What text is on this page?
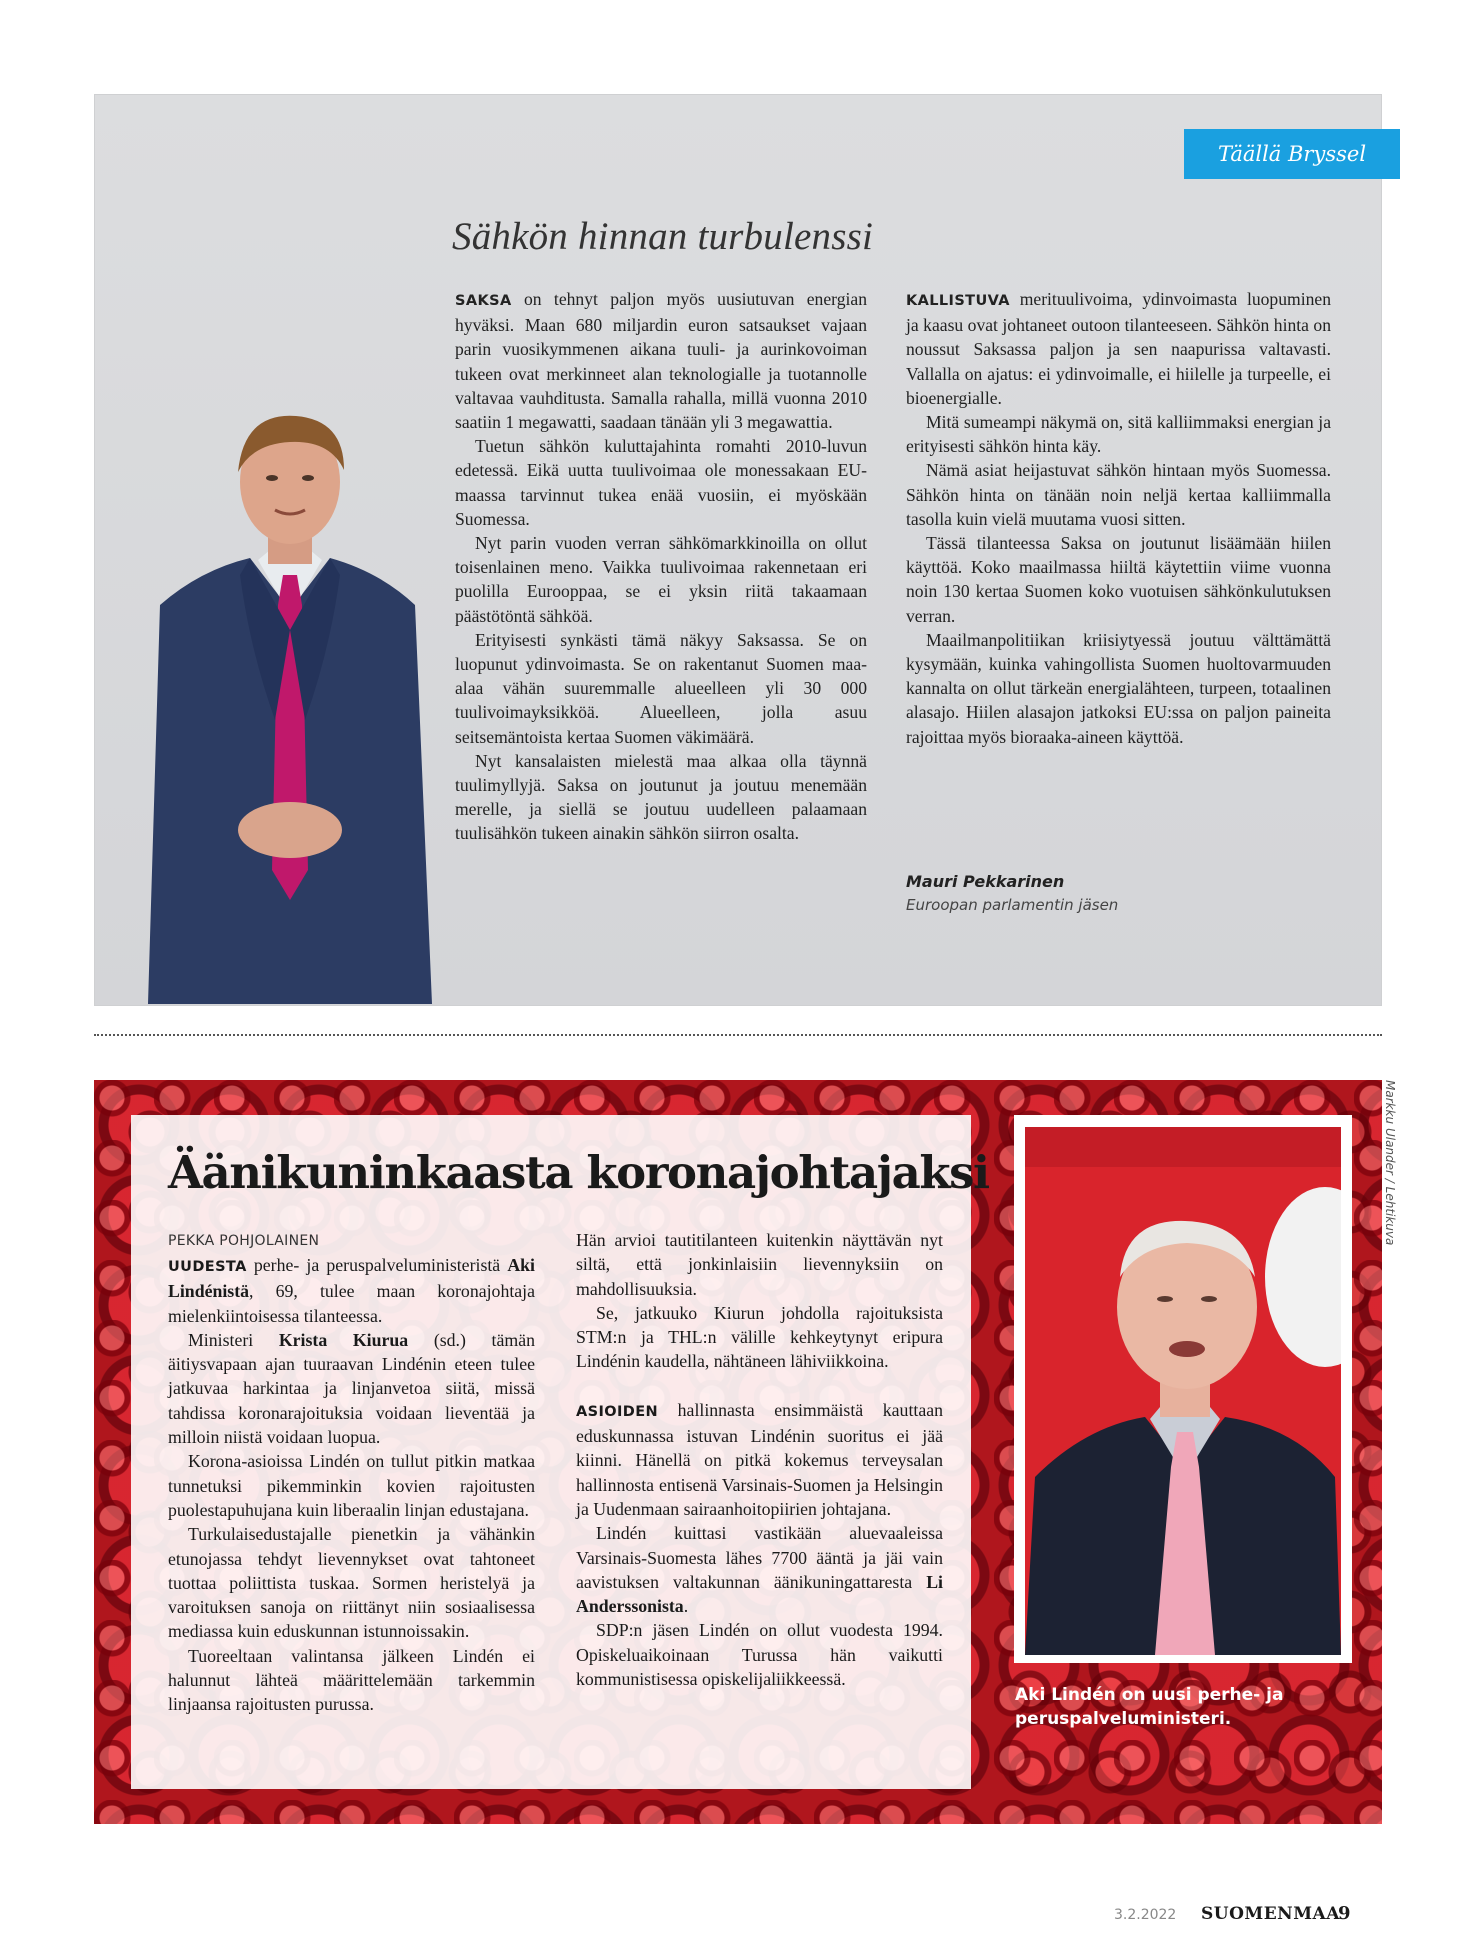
Täällä Bryssel
Sähkön hinnan turbulenssi

SAKSA on tehnyt paljon myös uusiutuvan energian hyväksi. Maan 680 miljardin euron satsaukset vajaan parin vuosikymmenen aikana tuuli- ja aurinkovoiman tukeen ovat merkinneet alan teknologialle ja tuotannolle valtavaa vauhditusta. Samalla rahalla, millä vuonna 2010 saatiin 1 megawatti, saadaan tänään yli 3 megawattia.

Tuetun sähkön kuluttajahinta romahti 2010-luvun edetessä. Eikä uutta tuulivoimaa ole monessakaan EU-maassa tarvinnut tukea enää vuosiin, ei myöskään Suomessa.

Nyt parin vuoden verran sähkömarkkinoilla on ollut toisenlainen meno. Vaikka tuulivoimaa rakennetaan eri puolilla Eurooppaa, se ei yksin riitä takaamaan päästötöntä sähköä.

Erityisesti synkästi tämä näkyy Saksassa. Se on luopunut ydinvoimasta. Se on rakentanut Suomen maa-alaa vähän suuremmalle alueelleen yli 30 000 tuulivoimayksikköä. Alueelleen, jolla asuu seitsemäntoista kertaa Suomen väkimäärä.

Nyt kansalaisten mielestä maa alkaa olla täynnä tuulimyllyjä. Saksa on joutunut ja joutuu menemään merelle, ja siellä se joutuu uudelleen palaamaan tuulisähkön tukeen ainakin sähkön siirron osalta.

KALLISTUVA merituulivoima, ydinvoimasta luopuminen ja kaasu ovat johtaneet outoon tilanteeseen. Sähkön hinta on noussut Saksassa paljon ja sen naapurissa valtavasti. Vallalla on ajatus: ei ydinvoimalle, ei hiilelle ja turpeelle, ei bioenergialle.

Mitä sumeampi näkymä on, sitä kalliimmaksi energian ja erityisesti sähkön hinta käy.

Nämä asiat heijastuvat sähkön hintaan myös Suomessa. Sähkön hinta on tänään noin neljä kertaa kalliimmalla tasolla kuin vielä muutama vuosi sitten.

Tässä tilanteessa Saksa on joutunut lisäämään hiilen käyttöä. Koko maailmassa hiiltä käytettiin viime vuonna noin 130 kertaa Suomen koko vuotuisen sähkönkulutuksen verran.

Maailmanpolitiikan kriisiytyessä joutuu välttämättä kysymään, kuinka vahingollista Suomen huoltovarmuuden kannalta on ollut tärkeän energialähteen, turpeen, totaalinen alasajo. Hiilen alasajon jatkoksi EU:ssa on paljon paineita rajoittaa myös bioraaka-aineen käyttöä.

Mauri Pekkarinen
Euroopan parlamentin jäsen
Äänikuninkaasta koronajohtajaksi
PEKKA POHJOLAINEN

UUDESTA perhe- ja peruspalveluministeristä Aki Lindénistä, 69, tulee maan koronajohtaja mielenkiintoisessa tilanteessa.

Ministeri Krista Kiurua (sd.) tämän äitiysvapaan ajan tuuraavan Lindénin eteen tulee jatkuvaa harkintaa ja linjanvetoa siitä, missä tahdissa koronarajoituksia voidaan lieventää ja milloin niistä voidaan luopua.

Korona-asioissa Lindén on tullut pitkin matkaa tunnetuksi pikemminkin kovien rajoitusten puolestapuhujana kuin liberaalin linjan edustajana.

Turkulaisedustajalle pienetkin ja vähänkin etunojassa tehdyt lievennykset ovat tahtoneet tuottaa poliittista tuskaa. Sormen heristelyä ja varoituksen sanoja on riittänyt niin sosiaalisessa mediassa kuin eduskunnan istunnoissakin.

Tuoreeltaan valintansa jälkeen Lindén ei halunnut lähteä määrittelemään tarkemmin linjaansa rajoitusten purussa.

Hän arvioi tautitilanteen kuitenkin näyttävän nyt siltä, että jonkinlaisiin lievennyksiin on mahdollisuuksia.

Se, jatkuuko Kiurun johdolla rajoituksista STM:n ja THL:n välille kehkeytynyt eripura Lindénin kaudella, nähtäneen lähiviikkoina.

ASIOIDEN hallinnasta ensimmäistä kauttaan eduskunnassa istuvan Lindénin suoritus ei jää kiinni. Hänellä on pitkä kokemus terveysalan hallinnosta entisenä Varsinais-Suomen ja Helsingin ja Uudenmaan sairaanhoitopiirien johtajana.

Lindén kuittasi vastikään aluevaaleissa Varsinais-Suomesta lähes 7700 ääntä ja jäi vain aavistuksen valtakunnan äänikuningattaresta Li Anderssonista.

SDP:n jäsen Lindén on ollut vuodesta 1994. Opiskeluaikoinaan Turussa hän vaikutti kommunistisessa opiskelijaliikkeessä.

Aki Lindén on uusi perhe- ja peruspalveluministeri.
Markku Ulander / Lehtikuva
3.2.2022 SUOMENMAA
9
